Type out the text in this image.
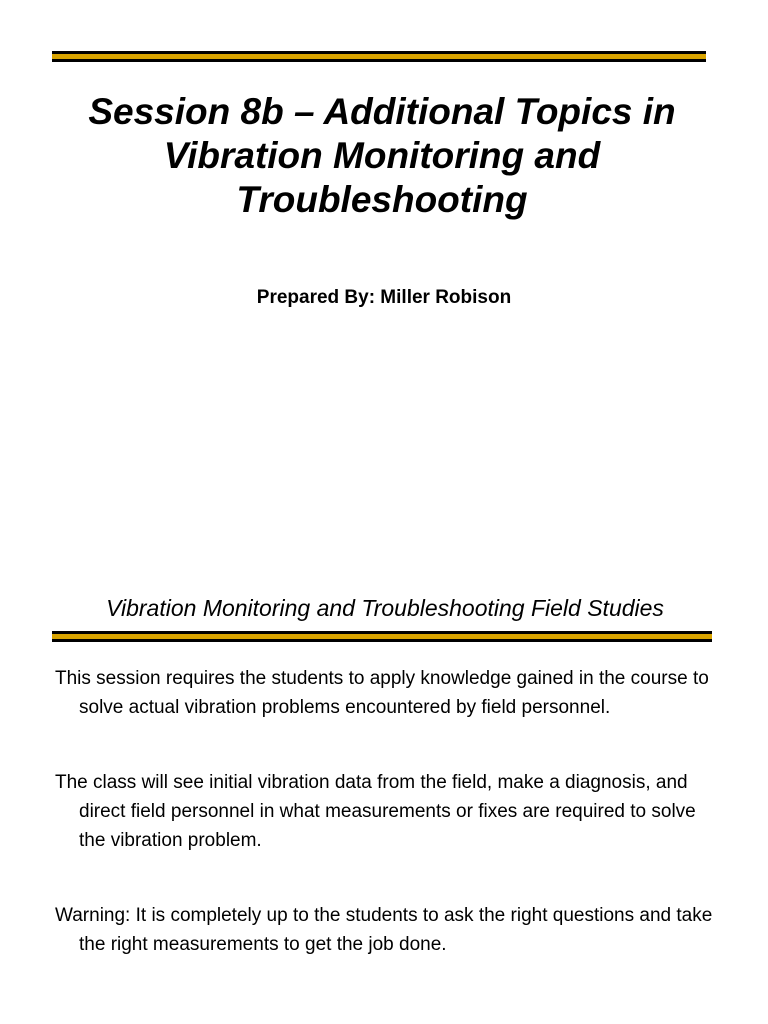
Session 8b – Additional Topics in Vibration Monitoring and Troubleshooting
Prepared By: Miller Robison
Vibration Monitoring and Troubleshooting Field Studies

This session requires the students to apply knowledge gained in the course to solve actual vibration problems encountered by field personnel.

The class will see initial vibration data from the field, make a diagnosis, and direct field personnel in what measurements or fixes are required to solve the vibration problem.

Warning: It is completely up to the students to ask the right questions and take the right measurements to get the job done.
